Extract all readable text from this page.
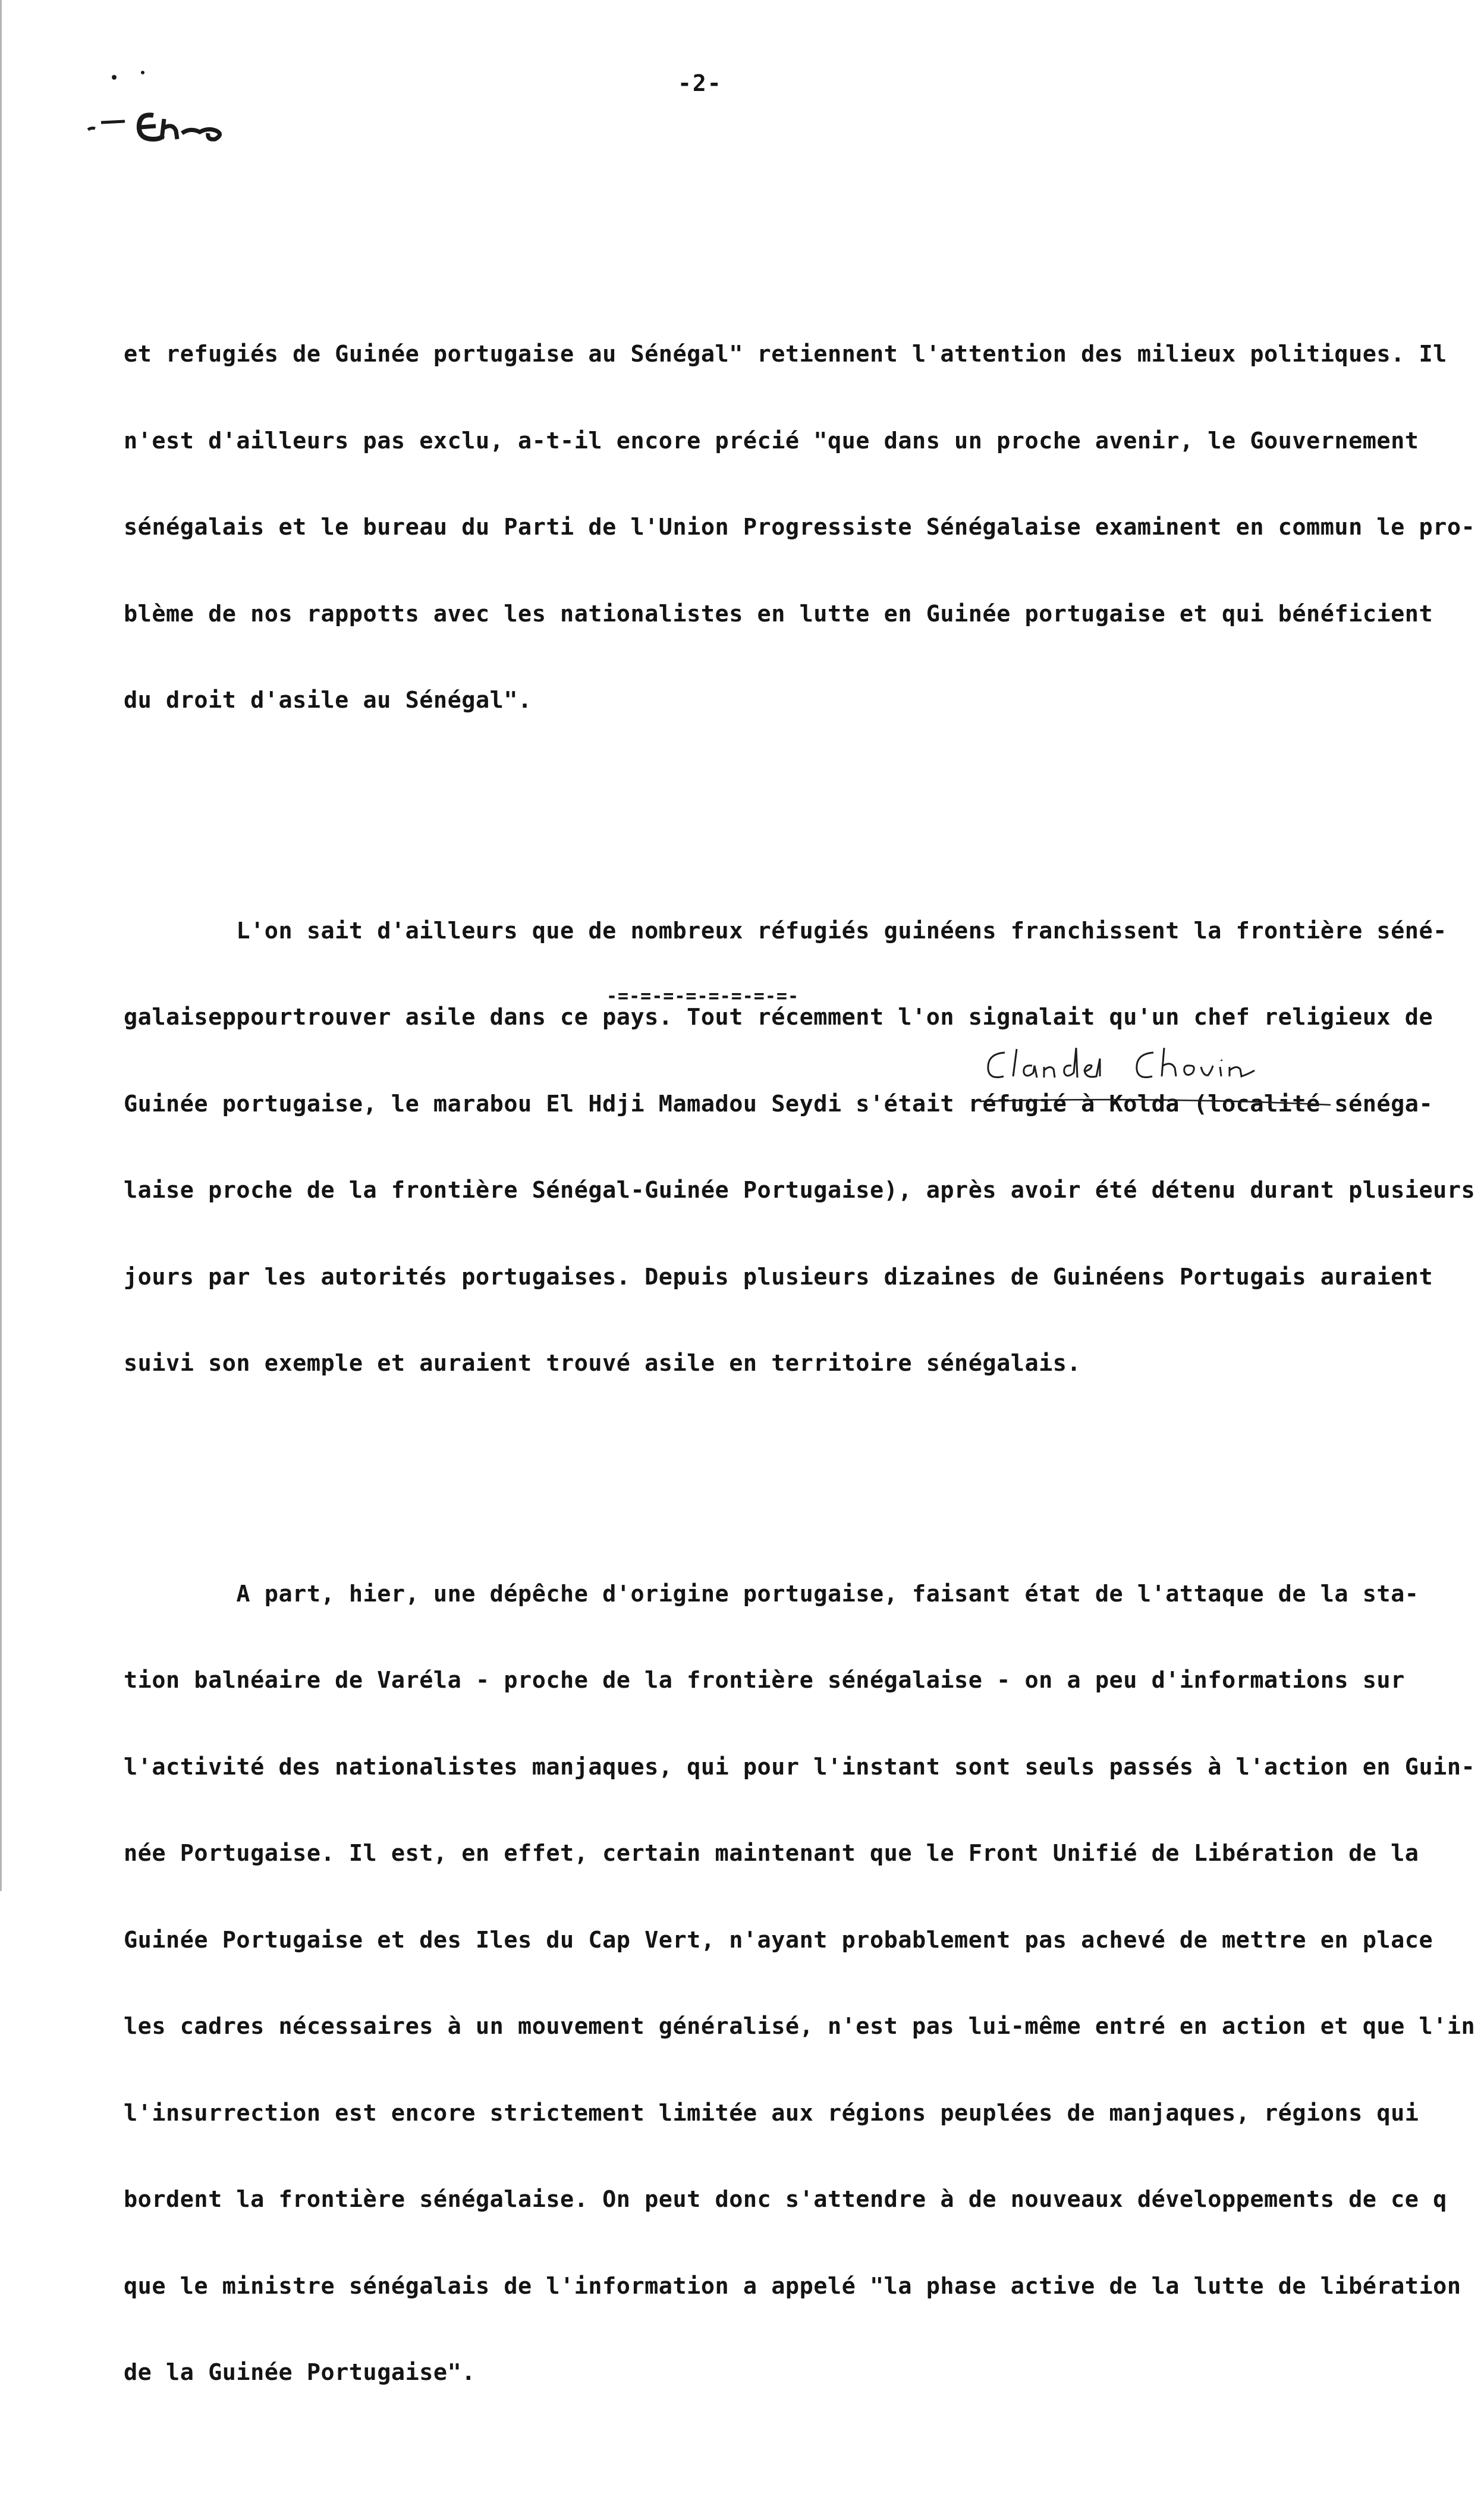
Ehn
-2-

et refugiés de Guinée portugaise au Sénégal" retiennent l'attention des milieux politiques. Il

n'est d'ailleurs pas exclu, a-t-il encore précié "que dans un proche avenir, le Gouvernement

sénégalais et le bureau du Parti de l'Union Progressiste Sénégalaise examinent en commun le pro-

blème de nos rappotts avec les nationalistes en lutte en Guinée portugaise et qui bénéficient

du droit d'asile au Sénégal".

L'on sait d'ailleurs que de nombreux réfugiés guinéens franchissent la frontière séné-

galaiseppourtrouver asile dans ce pays. Tout récemment l'on signalait qu'un chef religieux de

Guinée portugaise, le marabou El Hdji Mamadou Seydi s'était réfugié à Kolda (localité sénéga-

laise proche de la frontière Sénégal-Guinée Portugaise), après avoir été détenu durant plusieurs

jours par les autorités portugaises. Depuis plusieurs dizaines de Guinéens Portugais auraient

suivi son exemple et auraient trouvé asile en territoire sénégalais.

A part, hier, une dépêche d'origine portugaise, faisant état de l'attaque de la sta-

tion balnéaire de Varéla - proche de la frontière sénégalaise - on a peu d'informations sur

l'activité des nationalistes manjaques, qui pour l'instant sont seuls passés à l'action en Guin-

née Portugaise. Il est, en effet, certain maintenant que le Front Unifié de Libération de la

Guinée Portugaise et des Iles du Cap Vert, n'ayant probablement pas achevé de mettre en place

les cadres nécessaires à un mouvement généralisé, n'est pas lui-même entré en action et que l'in

l'insurrection est encore strictement limitée aux régions peuplées de manjaques, régions qui

bordent la frontière sénégalaise. On peut donc s'attendre à de nouveaux développements de ce q

que le ministre sénégalais de l'information a appelé "la phase active de la lutte de libération

de la Guinée Portugaise".

-=-=-=-=-=-=-=-=-
Claude Chovin
